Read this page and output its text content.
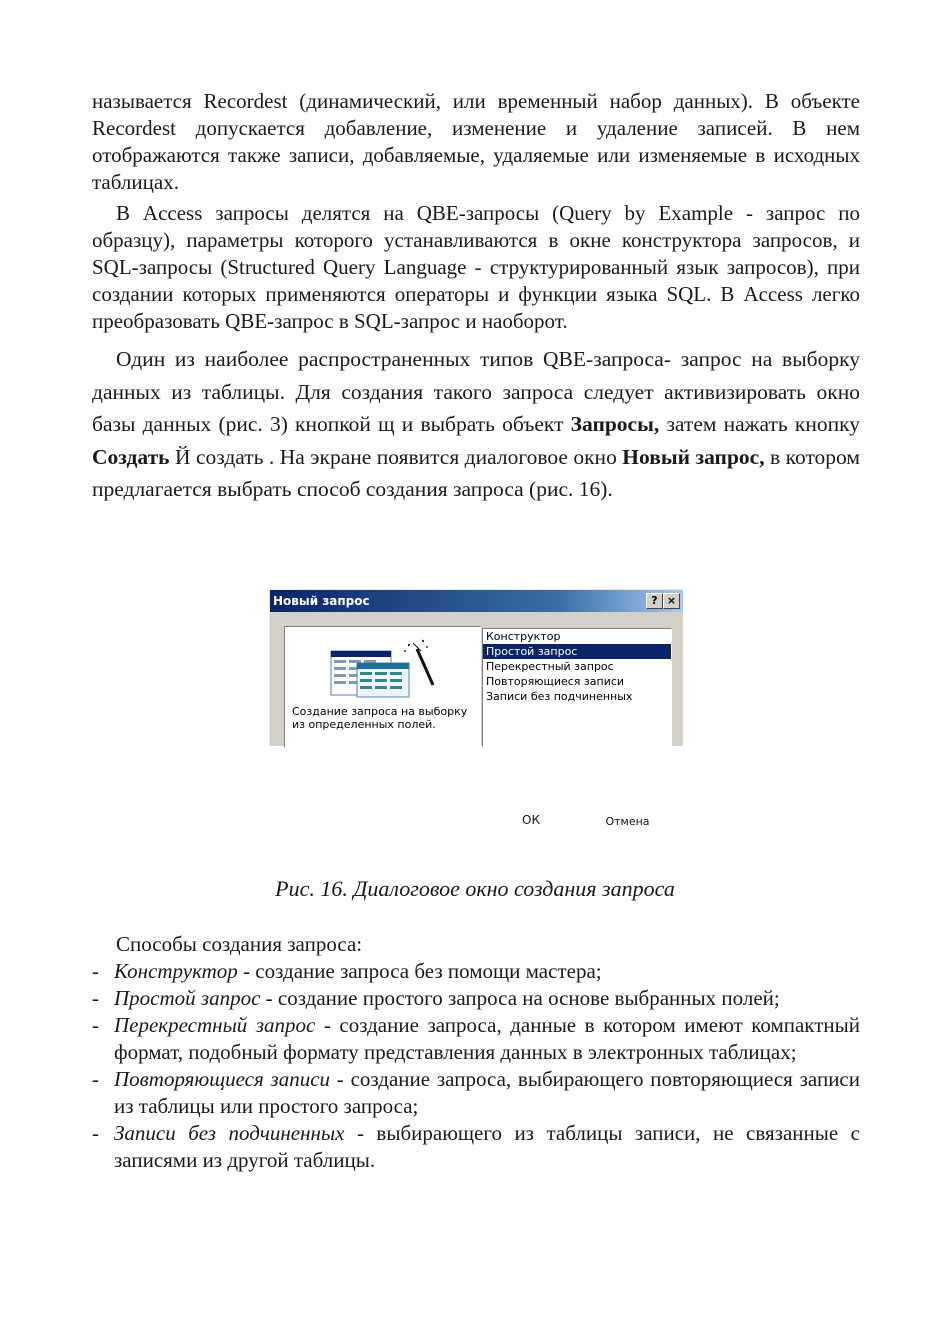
называется Recordest (динамический, или временный набор данных). В объекте Recordest допускается добавление, изменение и удаление записей. В нем отображаются также записи, добавляемые, удаляемые или изменяемые в исходных таблицах.

В Access запросы делятся на QBE-запросы (Query by Example - запрос по образцу), параметры которого устанавливаются в окне конструктора запросов, и SQL-запросы (Structured Query Language - структурированный язык запросов), при создании которых применяются операторы и функции языка SQL. В Access легко преобразовать QBE-запрос в SQL-запрос и наоборот.

Один из наиболее распространенных типов QBE-запроса- запрос на выборку данных из таблицы. Для создания такого запроса следует активизировать окно базы данных (рис. 3) кнопкой щ и выбрать объект Запросы, затем нажать кнопку Создать Й создать . На экране появится диалоговое окно Новый запрос, в котором предлагается выбрать способ создания запроса (рис. 16).

Новый запрос	? ×
Создание запроса на выборку из определенных полей.
Конструктор
Простой запрос
Перекрестный запрос
Повторяющиеся записи
Записи без подчиненных
ОК	Отмена
Рис. 16. Диалоговое окно создания запроса

Способы создания запроса:

- Конструктор - создание запроса без помощи мастера;
- Простой запрос - создание простого запроса на основе выбранных полей;
- Перекрестный запрос - создание запроса, данные в котором имеют компактный формат, подобный формату представления данных в электронных таблицах;
- Повторяющиеся записи - создание запроса, выбирающего повторяющиеся записи из таблицы или простого запроса;
- Записи без подчиненных - выбирающего из таблицы записи, не связанные с записями из другой таблицы.
